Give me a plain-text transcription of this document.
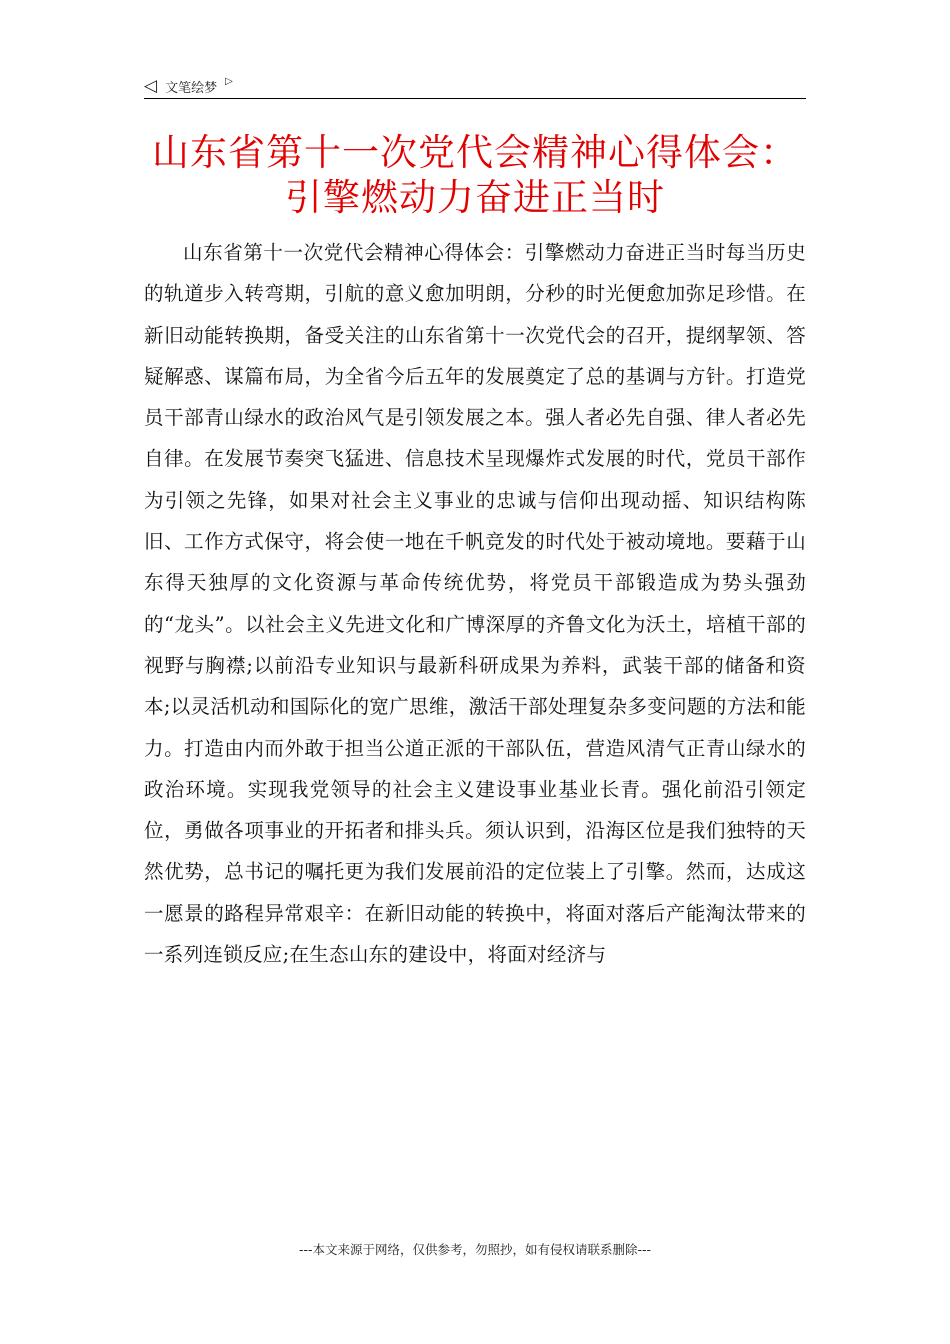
◁ 文笔绘梦 ▷
山东省第十一次党代会精神心得体会：引擎燃动力奋进正当时

山东省第十一次党代会精神心得体会：引擎燃动力奋进正当时每当历史的轨道步入转弯期，引航的意义愈加明朗，分秒的时光便愈加弥足珍惜。在新旧动能转换期，备受关注的山东省第十一次党代会的召开，提纲挈领、答疑解惑、谋篇布局，为全省今后五年的发展奠定了总的基调与方针。打造党员干部青山绿水的政治风气是引领发展之本。强人者必先自强、律人者必先自律。在发展节奏突飞猛进、信息技术呈现爆炸式发展的时代，党员干部作为引领之先锋，如果对社会主义事业的忠诚与信仰出现动摇、知识结构陈旧、工作方式保守，将会使一地在千帆竞发的时代处于被动境地。要藉于山东得天独厚的文化资源与革命传统优势，将党员干部锻造成为势头强劲的“龙头”。以社会主义先进文化和广博深厚的齐鲁文化为沃土，培植干部的视野与胸襟;以前沿专业知识与最新科研成果为养料，武装干部的储备和资本;以灵活机动和国际化的宽广思维，激活干部处理复杂多变问题的方法和能力。打造由内而外敢于担当公道正派的干部队伍，营造风清气正青山绿水的政治环境。实现我党领导的社会主义建设事业基业长青。强化前沿引领定位，勇做各项事业的开拓者和排头兵。须认识到，沿海区位是我们独特的天然优势，总书记的嘱托更为我们发展前沿的定位装上了引擎。然而，达成这一愿景的路程异常艰辛：在新旧动能的转换中，将面对落后产能淘汰带来的一系列连锁反应;在生态山东的建设中，将面对经济与

---本文来源于网络，仅供参考，勿照抄，如有侵权请联系删除---
